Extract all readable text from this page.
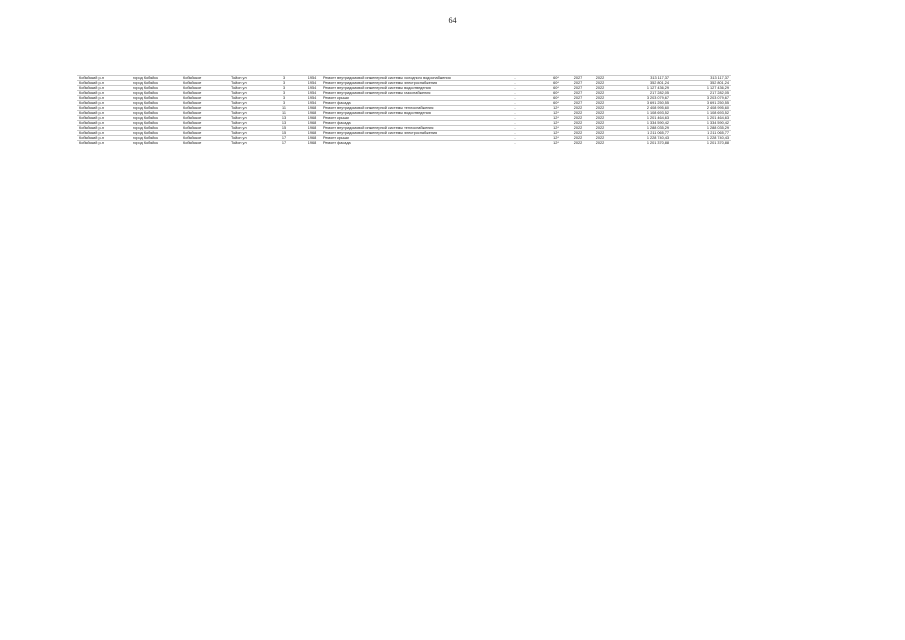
64
Кобяйский р-н	город Кобяйск	Кобяйское	Тойон ул	3		1954	Ремонт внутридомовой инженерной системы холодного водоснабжения	-	60*	2027	2022	313 117,37	313 117,37
Кобяйский р-н	город Кобяйск	Кобяйское	Тойон ул	3		1954	Ремонт внутридомовой инженерной системы электроснабжения	-	60*	2027	2022	352 801,24	352 801,24
Кобяйский р-н	город Кобяйск	Кобяйское	Тойон ул	3		1954	Ремонт внутридомовой инженерной системы водоотведения	-	60*	2027	2022	1 127 436,29	1 127 436,29
Кобяйский р-н	город Кобяйск	Кобяйское	Тойон ул	3		1954	Ремонт внутридомовой инженерной системы газоснабжения	-	60*	2027	2022	217 282,05	217 282,05
Кобяйский р-н	город Кобяйск	Кобяйское	Тойон ул	3		1954	Ремонт крыши	-	60*	2027	2022	3 203 079,67	3 203 079,67
Кобяйский р-н	город Кобяйск	Кобяйское	Тойон ул	3		1954	Ремонт фасада	-	60*	2027	2022	3 691 250,55	3 691 250,55
Кобяйский р-н	город Кобяйск	Кобяйское	Тойон ул	11		1968	Ремонт внутридомовой инженерной системы теплоснабжения	-	12*	2022	2022	2 408 995,60	2 408 995,60
Кобяйский р-н	город Кобяйск	Кобяйское	Тойон ул	11		1968	Ремонт внутридомовой инженерной системы водоотведения	-	12*	2022	2022	1 108 693,52	1 108 693,52
Кобяйский р-н	город Кобяйск	Кобяйское	Тойон ул	13		1968	Ремонт крыши	-	12*	2022	2022	1 201 464,63	1 201 464,63
Кобяйский р-н	город Кобяйск	Кобяйское	Тойон ул	13		1968	Ремонт фасада	-	12*	2022	2022	1 334 590,42	1 334 590,42
Кобяйский р-н	город Кобяйск	Кобяйское	Тойон ул	15		1968	Ремонт внутридомовой инженерной системы теплоснабжения	-	12*	2022	2022	1 288 035,29	1 288 035,29
Кобяйский р-н	город Кобяйск	Кобяйское	Тойон ул	15		1968	Ремонт внутридомовой инженерной системы электроснабжения	-	12*	2022	2022	1 211 065,77	1 211 065,77
Кобяйский р-н	город Кобяйск	Кобяйское	Тойон ул	17		1968	Ремонт крыши	-	12*	2022	2022	1 228 740,43	1 228 740,43
Кобяйский р-н	город Кобяйск	Кобяйское	Тойон ул	17		1968	Ремонт фасада	-	12*	2022	2022	1 201 370,88	1 201 370,88
